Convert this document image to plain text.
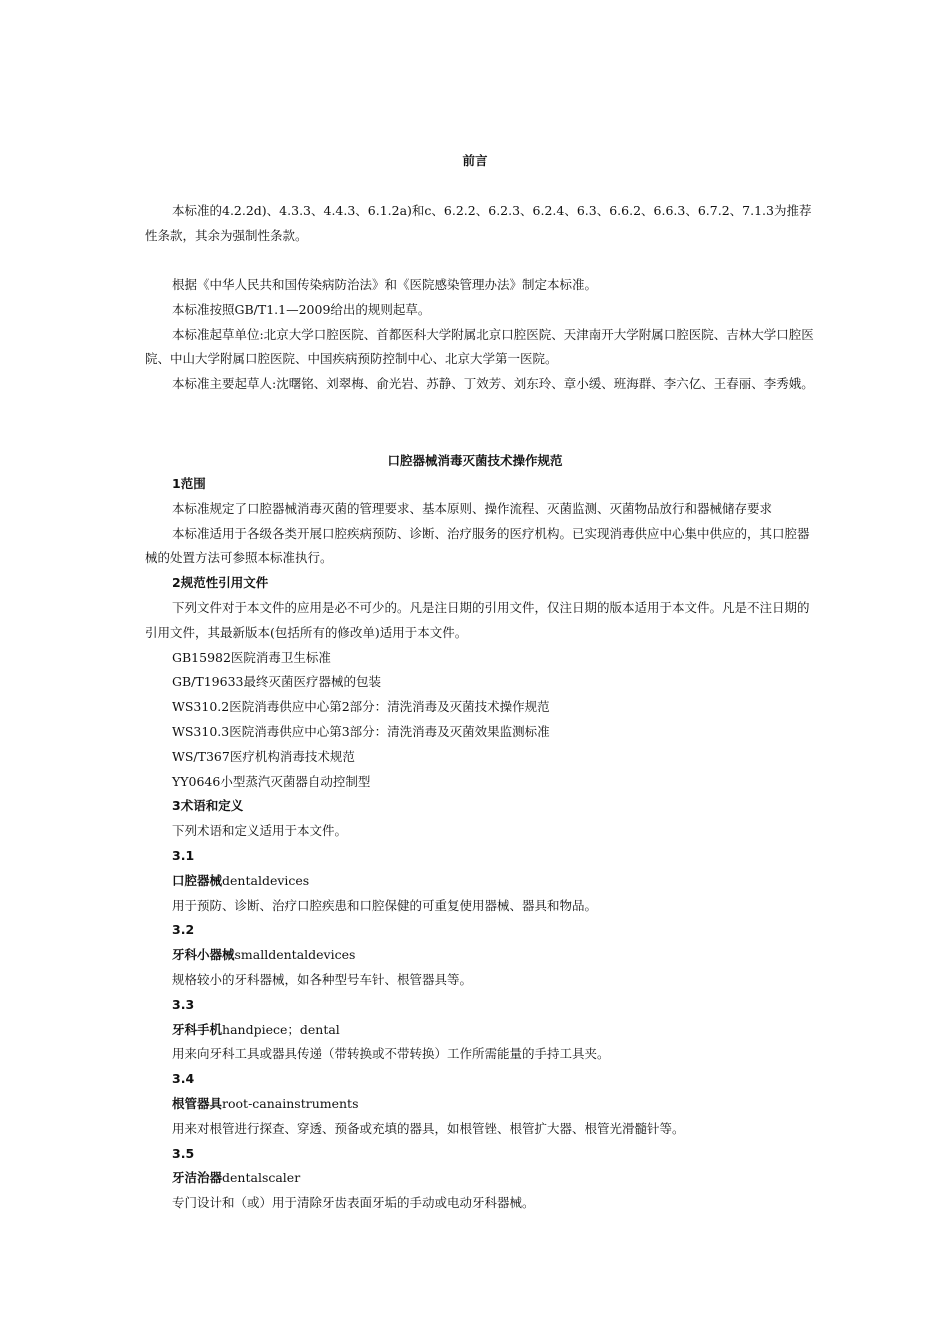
前言

本标准的4.2.2d)、4.3.3、4.4.3、6.1.2a)和c、6.2.2、6.2.3、6.2.4、6.3、6.6.2、6.6.3、6.7.2、7.1.3为推荐性条款，其余为强制性条款。

根据《中华人民共和国传染病防治法》和《医院感染管理办法》制定本标准。

本标准按照GB/T1.1—2009给出的规则起草。

本标准起草单位:北京大学口腔医院、首都医科大学附属北京口腔医院、天津南开大学附属口腔医院、吉林大学口腔医院、中山大学附属口腔医院、中国疾病预防控制中心、北京大学第一医院。

本标准主要起草人:沈曙铭、刘翠梅、俞光岩、苏静、丁效芳、刘东玲、章小缓、班海群、李六亿、王春丽、李秀娥。

口腔器械消毒灭菌技术操作规范

1范围

本标准规定了口腔器械消毒灭菌的管理要求、基本原则、操作流程、灭菌监测、灭菌物品放行和器械储存要求

本标准适用于各级各类开展口腔疾病预防、诊断、治疗服务的医疗机构。已实现消毒供应中心集中供应的，其口腔器械的处置方法可参照本标准执行。

2规范性引用文件

下列文件对于本文件的应用是必不可少的。凡是注日期的引用文件，仅注日期的版本适用于本文件。凡是不注日期的引用文件，其最新版本(包括所有的修改单)适用于本文件。

GB15982医院消毒卫生标准

GB/T19633最终灭菌医疗器械的包装

WS310.2医院消毒供应中心第2部分：清洗消毒及灭菌技术操作规范

WS310.3医院消毒供应中心第3部分：清洗消毒及灭菌效果监测标准

WS/T367医疗机构消毒技术规范

YY0646小型蒸汽灭菌器自动控制型

3术语和定义

下列术语和定义适用于本文件。

3.1

口腔器械dentaldevices

用于预防、诊断、治疗口腔疾患和口腔保健的可重复使用器械、器具和物品。

3.2

牙科小器械smalldentaldevices

规格较小的牙科器械，如各种型号车针、根管器具等。

3.3

牙科手机handpiece；dental

用来向牙科工具或器具传递（带转换或不带转换）工作所需能量的手持工具夹。

3.4

根管器具root-canainstruments

用来对根管进行探查、穿透、预备或充填的器具，如根管锉、根管扩大器、根管光滑髓针等。

3.5

牙洁治器dentalscaler

专门设计和（或）用于清除牙齿表面牙垢的手动或电动牙科器械。
